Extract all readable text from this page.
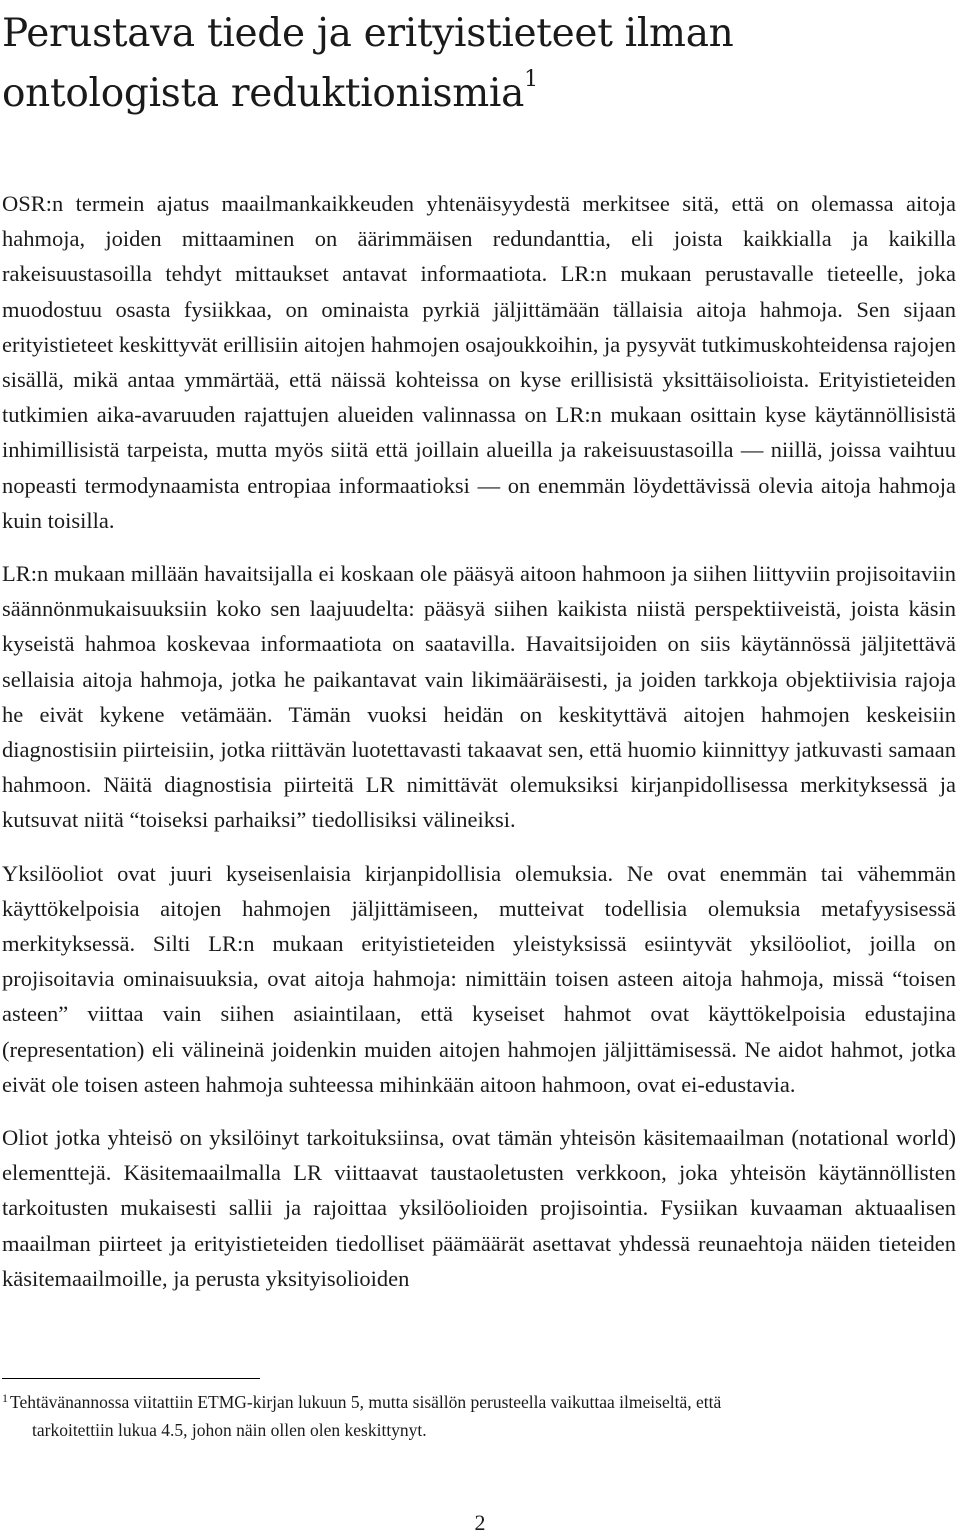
Perustava tiede ja erityistieteet ilman ontologista reduktionismia$^1$

OSR:n termein ajatus maailmankaikkeuden yhtenäisyydestä merkitsee sitä, että on olemassa aitoja hahmoja, joiden mittaaminen on äärimmäisen redundanttia, eli joista kaikkialla ja kaikilla rakeisuustasoilla tehdyt mittaukset antavat informaatiota. LR:n mukaan perustavalle tieteelle, joka muodostuu osasta fysiikkaa, on ominaista pyrkiä jäljittämään tällaisia aitoja hahmoja. Sen sijaan erityistieteet keskittyvät erillisiin aitojen hahmojen osajoukkoihin, ja pysyvät tutkimuskohteidensa rajojen sisällä, mikä antaa ymmärtää, että näissä kohteissa on kyse erillisistä yksittäisolioista. Erityistieteiden tutkimien aika-avaruuden rajattujen alueiden valinnassa on LR:n mukaan osittain kyse käytännöllisistä inhimillisistä tarpeista, mutta myös siitä että joillain alueilla ja rakeisuustasoilla — niillä, joissa vaihtuu nopeasti termodynaamista entropiaa informaatioksi — on enemmän löydettävissä olevia aitoja hahmoja kuin toisilla.

LR:n mukaan millään havaitsijalla ei koskaan ole pääsyä aitoon hahmoon ja siihen liittyviin projisoitaviin säännönmukaisuuksiin koko sen laajuudelta: pääsyä siihen kaikista niistä perspektiiveistä, joista käsin kyseistä hahmoa koskevaa informaatiota on saatavilla. Havaitsijoiden on siis käytännössä jäljitettävä sellaisia aitoja hahmoja, jotka he paikantavat vain likimääräisesti, ja joiden tarkkoja objektiivisia rajoja he eivät kykene vetämään. Tämän vuoksi heidän on keskityttävä aitojen hahmojen keskeisiin diagnostisiin piirteisiin, jotka riittävän luotettavasti takaavat sen, että huomio kiinnittyy jatkuvasti samaan hahmoon. Näitä diagnostisia piirteitä LR nimittävät olemuksiksi kirjanpidollisessa merkityksessä ja kutsuvat niitä “toiseksi parhaiksi” tiedollisiksi välineiksi.

Yksilöoliot ovat juuri kyseisenlaisia kirjanpidollisia olemuksia. Ne ovat enemmän tai vähemmän käyttökelpoisia aitojen hahmojen jäljittämiseen, mutteivat todellisia olemuksia metafyysisessä merkityksessä. Silti LR:n mukaan erityistieteiden yleistyksissä esiintyvät yksilöoliot, joilla on projisoitavia ominaisuuksia, ovat aitoja hahmoja: nimittäin toisen asteen aitoja hahmoja, missä “toisen asteen” viittaa vain siihen asiaintilaan, että kyseiset hahmot ovat käyttökelpoisia edustajina (representation) eli välineinä joidenkin muiden aitojen hahmojen jäljittämisessä. Ne aidot hahmot, jotka eivät ole toisen asteen hahmoja suhteessa mihinkään aitoon hahmoon, ovat ei-edustavia.

Oliot jotka yhteisö on yksilöinyt tarkoituksiinsa, ovat tämän yhteisön käsitemaailman (notational world) elementtejä. Käsitemaailmalla LR viittaavat taustaoletusten verkkoon, joka yhteisön käytännöllisten tarkoitusten mukaisesti sallii ja rajoittaa yksilöolioiden projisointia. Fysiikan kuvaaman aktuaalisen maailman piirteet ja erityistieteiden tiedolliset päämäärät asettavat yhdessä reunaehtoja näiden tieteiden käsitemaailmoille, ja perusta yksityisolioiden

$^1$ Tehtävänannossa viitattiin ETMG-kirjan lukuun 5, mutta sisällön perusteella vaikuttaa ilmeiseltä, että
tarkoitettiin lukua 4.5, johon näin ollen olen keskittynyt.
2
